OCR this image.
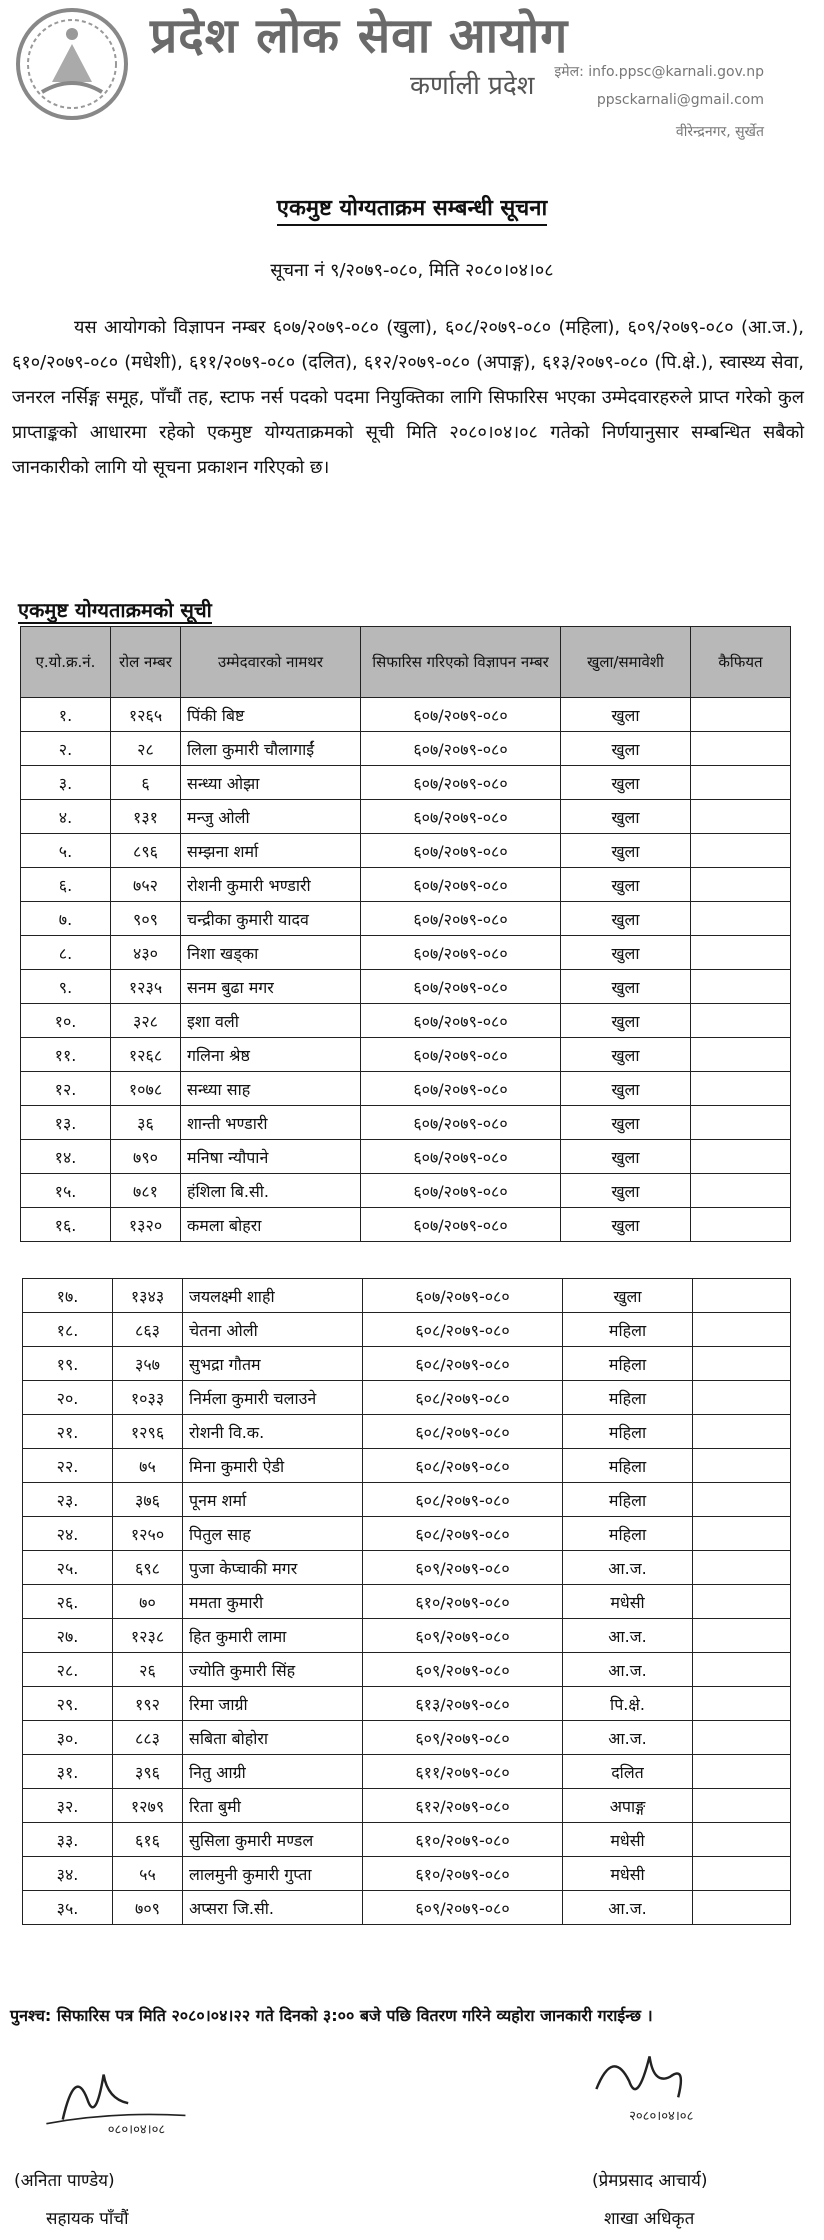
प्रदेश लोक सेवा आयोग
कर्णाली प्रदेश इमेल: info.ppsc@karnali.gov.np
ppsckarnali@gmail.com
वीरेन्द्रनगर, सुर्खेत
एकमुष्ट योग्यताक्रम सम्बन्धी सूचना
सूचना नं ९/२०७९-०८०, मिति २०८०।०४।०८
यस आयोगको विज्ञापन नम्बर ६०७/२०७९-०८० (खुला), ६०८/२०७९-०८० (महिला), ६०९/२०७९-०८० (आ.ज.), ६१०/२०७९-०८० (मधेशी), ६११/२०७९-०८० (दलित), ६१२/२०७९-०८० (अपाङ्ग), ६१३/२०७९-०८० (पि.क्षे.), स्वास्थ्य सेवा, जनरल नर्सिङ्ग समूह, पाँचौं तह, स्टाफ नर्स पदको पदमा नियुक्तिका लागि सिफारिस भएका उम्मेदवारहरुले प्राप्त गरेको कुल प्राप्ताङ्कको आधारमा रहेको एकमुष्ट योग्यताक्रमको सूची मिति २०८०।०४।०८ गतेको निर्णयानुसार सम्बन्धित सबैको जानकारीको लागि यो सूचना प्रकाशन गरिएको छ।
एकमुष्ट योग्यताक्रमको सूची
ए.यो.क्र.नं.	रोल नम्बर	उम्मेदवारको नामथर	सिफारिस गरिएको विज्ञापन नम्बर	खुला/समावेशी	कैफियत
१.	१२६५	पिंकी बिष्ट	६०७/२०७९-०८०	खुला	
२.	२८	लिला कुमारी चौलागाईं	६०७/२०७९-०८०	खुला	
३.	६	सन्ध्या ओझा	६०७/२०७९-०८०	खुला	
४.	१३१	मन्जु ओली	६०७/२०७९-०८०	खुला	
५.	८९६	सम्झना शर्मा	६०७/२०७९-०८०	खुला	
६.	७५२	रोशनी कुमारी भण्डारी	६०७/२०७९-०८०	खुला	
७.	९०९	चन्द्रीका कुमारी यादव	६०७/२०७९-०८०	खुला	
८.	४३०	निशा खड्का	६०७/२०७९-०८०	खुला	
९.	१२३५	सनम बुढा मगर	६०७/२०७९-०८०	खुला	
१०.	३२८	इशा वली	६०७/२०७९-०८०	खुला	
११.	१२६८	गलिना श्रेष्ठ	६०७/२०७९-०८०	खुला	
१२.	१०७८	सन्ध्या साह	६०७/२०७९-०८०	खुला	
१३.	३६	शान्ती भण्डारी	६०७/२०७९-०८०	खुला	
१४.	७९०	मनिषा न्यौपाने	६०७/२०७९-०८०	खुला	
१५.	७८१	हंशिला बि.सी.	६०७/२०७९-०८०	खुला	
१६.	१३२०	कमला बोहरा	६०७/२०७९-०८०	खुला	
१७.	१३४३	जयलक्ष्मी शाही	६०७/२०७९-०८०	खुला	
१८.	८६३	चेतना ओली	६०८/२०७९-०८०	महिला	
१९.	३५७	सुभद्रा गौतम	६०८/२०७९-०८०	महिला	
२०.	१०३३	निर्मला कुमारी चलाउने	६०८/२०७९-०८०	महिला	
२१.	१२९६	रोशनी वि.क.	६०८/२०७९-०८०	महिला	
२२.	७५	मिना कुमारी ऐडी	६०८/२०७९-०८०	महिला	
२३.	३७६	पूनम शर्मा	६०८/२०७९-०८०	महिला	
२४.	१२५०	पितुल साह	६०८/२०७९-०८०	महिला	
२५.	६९८	पुजा केप्चाकी मगर	६०९/२०७९-०८०	आ.ज.	
२६.	७०	ममता कुमारी	६१०/२०७९-०८०	मधेसी	
२७.	१२३८	हित कुमारी लामा	६०९/२०७९-०८०	आ.ज.	
२८.	२६	ज्योति कुमारी सिंह	६०९/२०७९-०८०	आ.ज.	
२९.	१९२	रिमा जाग्री	६१३/२०७९-०८०	पि.क्षे.	
३०.	८८३	सबिता बोहोरा	६०९/२०७९-०८०	आ.ज.	
३१.	३९६	नितु आग्री	६११/२०७९-०८०	दलित	
३२.	१२७९	रिता बुमी	६१२/२०७९-०८०	अपाङ्ग	
३३.	६१६	सुसिला कुमारी मण्डल	६१०/२०७९-०८०	मधेसी	
३४.	५५	लालमुनी कुमारी गुप्ता	६१०/२०७९-०८०	मधेसी	
३५.	७०९	अप्सरा जि.सी.	६०९/२०७९-०८०	आ.ज.	
पुनश्च: सिफारिस पत्र मिति २०८०।०४।२२ गते दिनको ३:०० बजे पछि वितरण गरिने व्यहोरा जानकारी गराईन्छ ।
०८०।०४।०८
२०८०।०४।०८
(अनिता पाण्डेय)
सहायक पाँचौं
(प्रेमप्रसाद आचार्य)
शाखा अधिकृत
